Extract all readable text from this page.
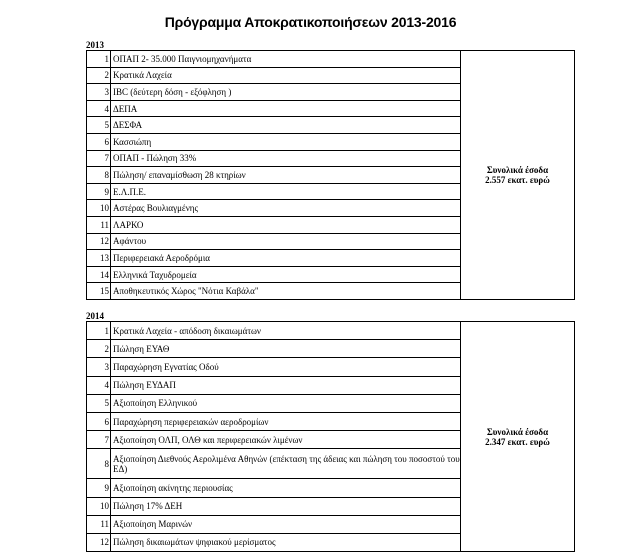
Πρόγραμμα Αποκρατικοποιήσεων 2013-2016
2013
1	ΟΠΑΠ 2- 35.000 Παιγνιομηχανήματα	Συνολικά έσοδα
2.557 εκατ. ευρώ

2	Κρατικά Λαχεία	
3	IBC (δεύτερη δόση - εξόφληση )	
4	ΔΕΠΑ	
5	ΔΕΣΦΑ	
6	Κασσιώπη	
7	ΟΠΑΠ - Πώληση 33%	
8	Πώληση/ επαναμίσθωση 28 κτηρίων	
9	Ε.Λ.Π.Ε.	
10	Αστέρας Βουλιαγμένης	
11	ΛΑΡΚΟ	
12	Αφάντου	
13	Περιφερειακά Αεροδρόμια	
14	Ελληνικά Ταχυδρομεία	
15	Αποθηκευτικός Χώρος "Νότια Καβάλα"	
2014
1	Κρατικά Λαχεία - απόδοση δικαιωμάτων	Συνολικά έσοδα
2.347 εκατ. ευρώ

2	Πώληση ΕΥΑΘ	
3	Παραχώρηση Εγνατίας Οδού	
4	Πώληση ΕΥΔΑΠ	
5	Αξιοποίηση Ελληνικού	
6	Παραχώρηση περιφερειακών αεροδρομίων	
7	Αξιοποίηση ΟΛΠ, ΟΛΘ και περιφερειακών λιμένων	
8	Αξιοποίηση Διεθνούς Αερολιμένα Αθηνών (επέκταση της άδειας και πώληση του ποσοστού του ΕΔ)	
9	Αξιοποίηση ακίνητης περιουσίας	
10	Πώληση 17% ΔΕΗ	
11	Αξιοποίηση Μαρινών	
12	Πώληση δικαιωμάτων ψηφιακού μερίσματος	
